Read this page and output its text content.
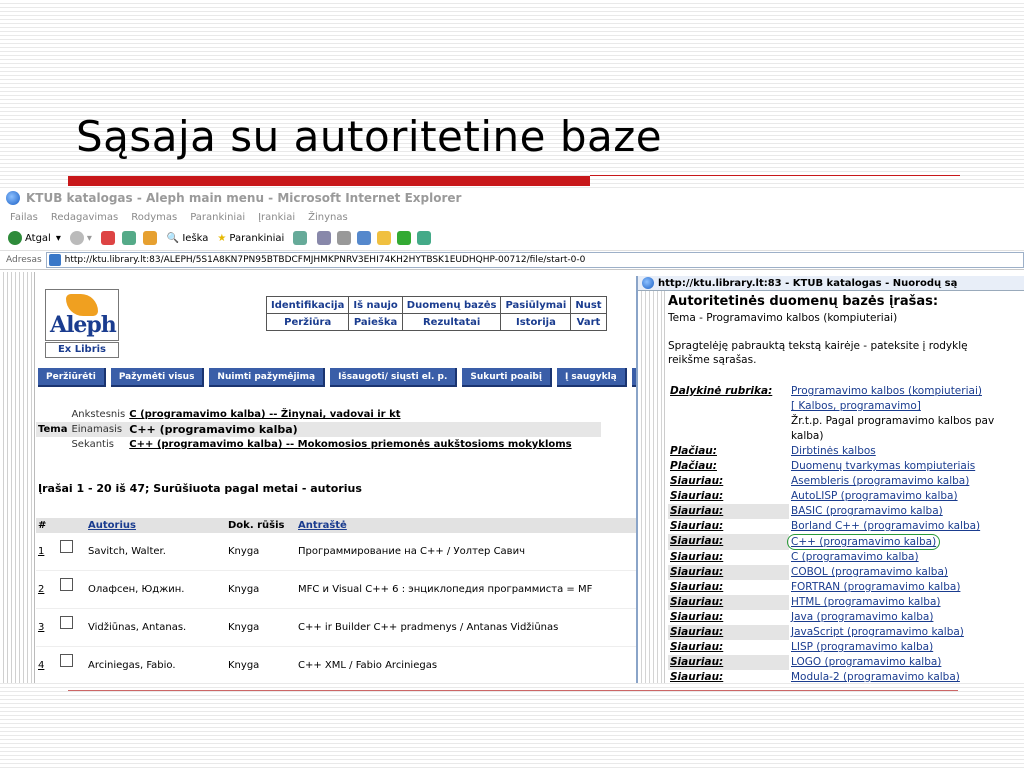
Sąsaja su autoritetine baze
KTUB katalogas - Aleph main menu - Microsoft Internet Explorer
Failas Redagavimas Rodymas Parankiniai Įrankiai Žinynas
Atgal ▾	▾	🔍 Ieška ★ Parankiniai
Adresas	http://ktu.library.lt:83/ALEPH/5S1A8KN7PN95BTBDCFMJHMKPNRV3EHI74KH2HYTBSK1EUDHQHP-00712/file/start-0-0
Aleph
Ex Libris
Identifikacija	Iš naujo	Duomenų bazės	Pasiūlymai	Nust
Peržiūra	Paieška	Rezultatai	Istorija	Vart
Peržiūrėti	Pažymėti visus	Nuimti pažymėjimą	Išsaugoti/ siųsti el. p.	Sukurti poaibį	Į saugyklą
	Ankstesnis	C (programavimo kalba) -- Žinynai, vadovai ir kt
Tema	Einamasis	C++ (programavimo kalba)
	Sekantis	C++ (programavimo kalba) -- Mokomosios priemonės aukštosioms mokykloms
Įrašai 1 - 20 iš 47; Surūšiuota pagal metai - autorius
#		Autorius	Dok. rūšis	Antraštė
1		Savitch, Walter.	Knyga	Программирование на C++ / Уолтер Савич
2		Олафсен, Юджин.	Knyga	MFC и Visual C++ 6 : энциклопедия программиста = MF
3		Vidžiūnas, Antanas.	Knyga	C++ ir Builder C++ pradmenys / Antanas Vidžiūnas
4		Arciniegas, Fabio.	Knyga	C++ XML / Fabio Arciniegas
http://ktu.library.lt:83 - KTUB katalogas - Nuorodų są
Autoritetinės duomenų bazės įrašas:
Tema - Programavimo kalbos (kompiuteriai)
Spragtelėję pabrauktą tekstą kairėje - pateksite į rodyklę
reikšme sąrašas.
Dalykinė rubrika:	Programavimo kalbos (kompiuteriai)
	[ Kalbos, programavimo]
	Žr.t.p. Pagal programavimo kalbos pav
	kalba)
Plačiau:	Dirbtinės kalbos
Plačiau:	Duomenų tvarkymas kompiuteriais
Siauriau:	Asembleris (programavimo kalba)
Siauriau:	AutoLISP (programavimo kalba)
Siauriau:	BASIC (programavimo kalba)
Siauriau:	Borland C++ (programavimo kalba)
Siauriau:	C++ (programavimo kalba)
Siauriau:	C (programavimo kalba)
Siauriau:	COBOL (programavimo kalba)
Siauriau:	FORTRAN (programavimo kalba)
Siauriau:	HTML (programavimo kalba)
Siauriau:	Java (programavimo kalba)
Siauriau:	JavaScript (programavimo kalba)
Siauriau:	LISP (programavimo kalba)
Siauriau:	LOGO (programavimo kalba)
Siauriau:	Modula-2 (programavimo kalba)
